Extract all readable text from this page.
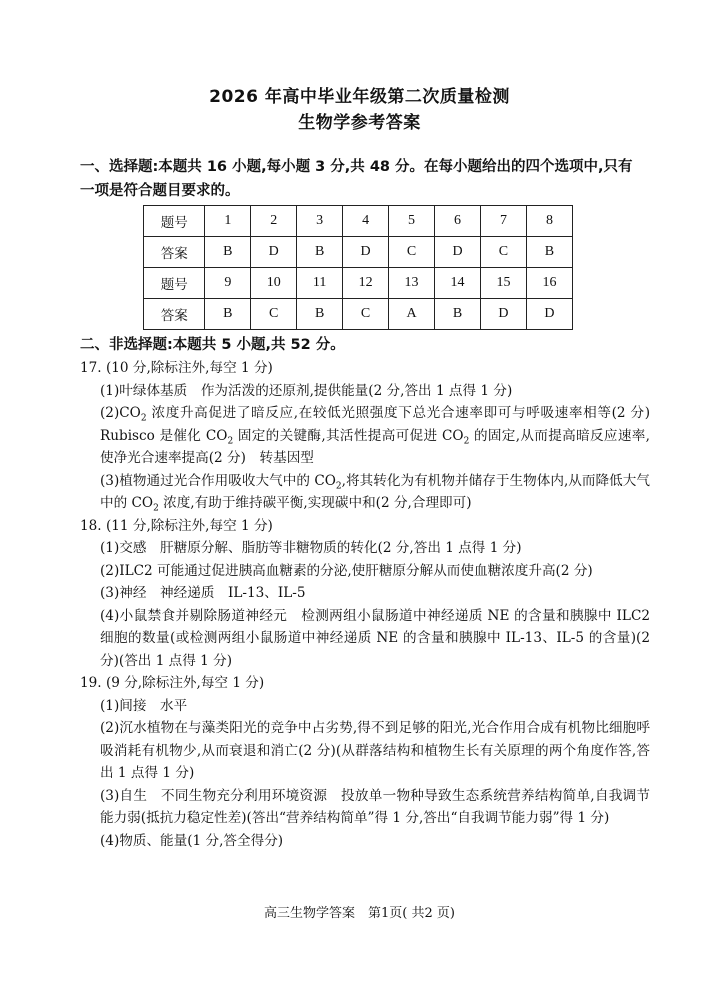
2026 年高中毕业年级第二次质量检测
生物学参考答案
一、选择题:本题共 16 小题,每小题 3 分,共 48 分。在每小题给出的四个选项中,只有一项是符合题目要求的。
题号	1	2	3	4	5	6	7	8
答案	B	D	B	D	C	D	C	B
题号	9	10	11	12	13	14	15	16
答案	B	C	B	C	A	B	D	D
二、非选择题:本题共 5 小题,共 52 分。

17. (10 分,除标注外,每空 1 分)

(1)叶绿体基质　作为活泼的还原剂,提供能量(2 分,答出 1 点得 1 分)

$(2)CO_2$ 浓度升高促进了暗反应,在较低光照强度下总光合速率即可与呼吸速率相等(2 分)　Rubisco 是催化 $CO_2$ 固定的关键酶,其活性提高可促进 $CO_2$ 的固定,从而提高暗反应速率,使净光合速率提高(2 分)　转基因型

(3)植物通过光合作用吸收大气中的 $CO_2$,将其转化为有机物并储存于生物体内,从而降低大气中的 $CO_2$ 浓度,有助于维持碳平衡,实现碳中和(2 分,合理即可)

18. (11 分,除标注外,每空 1 分)

(1)交感　肝糖原分解、脂肪等非糖物质的转化(2 分,答出 1 点得 1 分)

(2)ILC2 可能通过促进胰高血糖素的分泌,使肝糖原分解从而使血糖浓度升高(2 分)

(3)神经　神经递质　IL-13、IL-5

(4)小鼠禁食并剔除肠道神经元　检测两组小鼠肠道中神经递质 NE 的含量和胰腺中 ILC2 细胞的数量(或检测两组小鼠肠道中神经递质 NE 的含量和胰腺中 IL-13、IL-5 的含量)(2 分)(答出 1 点得 1 分)

19. (9 分,除标注外,每空 1 分)

(1)间接　水平

(2)沉水植物在与藻类阳光的竞争中占劣势,得不到足够的阳光,光合作用合成有机物比细胞呼吸消耗有机物少,从而衰退和消亡(2 分)(从群落结构和植物生长有关原理的两个角度作答,答出 1 点得 1 分)

(3)自生　不同生物充分利用环境资源　投放单一物种导致生态系统营养结构简单,自我调节能力弱(抵抗力稳定性差)(答出“营养结构简单”得 1 分,答出“自我调节能力弱”得 1 分)

(4)物质、能量(1 分,答全得分)

高三生物学答案　第1页( 共2 页)
